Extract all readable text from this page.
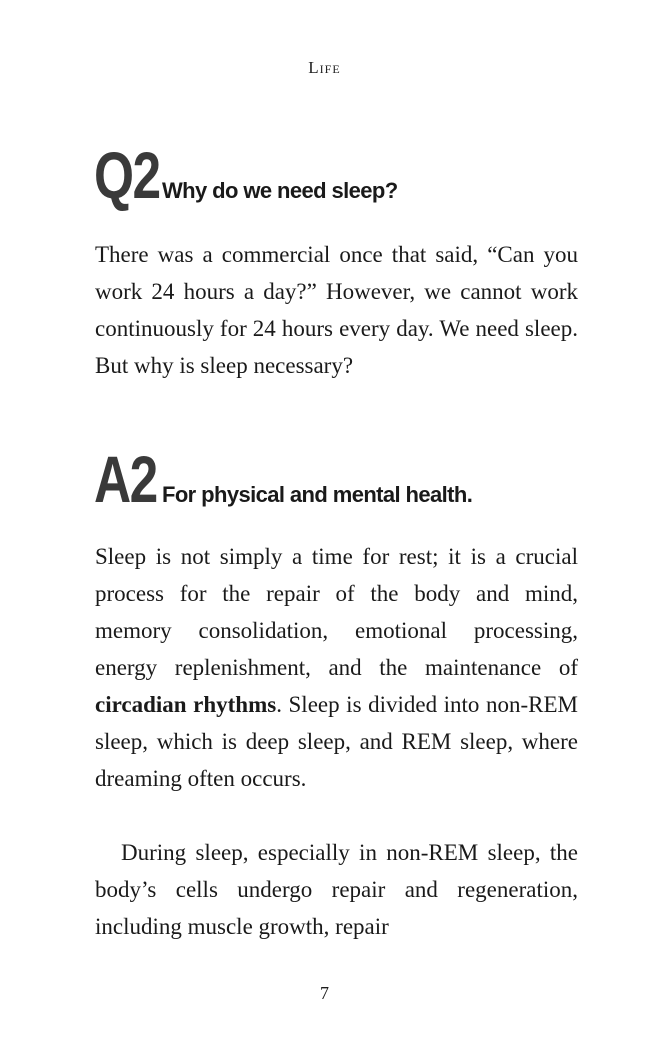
Life
Q2 Why do we need sleep?

There was a commercial once that said, “Can you work 24 hours a day?” However, we cannot work continuously for 24 hours every day. We need sleep. But why is sleep necessary?

A2 For physical and mental health.

Sleep is not simply a time for rest; it is a crucial process for the repair of the body and mind, memory consolidation, emotional processing, energy replenishment, and the maintenance of circadian rhythms. Sleep is divided into non-REM sleep, which is deep sleep, and REM sleep, where dreaming often occurs.

During sleep, especially in non-REM sleep, the body’s cells undergo repair and regeneration, including muscle growth, repair

7
